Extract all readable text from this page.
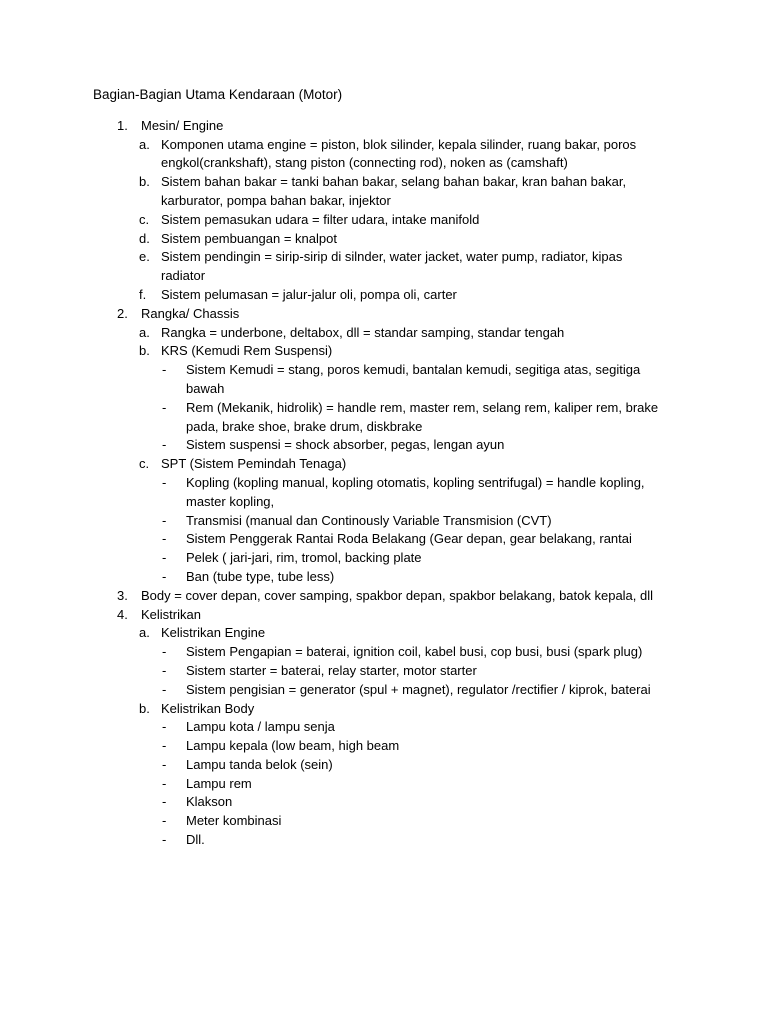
Bagian-Bagian Utama Kendaraan (Motor)
1.	Mesin/ Engine
a. Komponen utama engine = piston, blok silinder, kepala silinder, ruang bakar, poros engkol(crankshaft), stang piston (connecting rod), noken as (camshaft)
b. Sistem bahan bakar = tanki bahan bakar, selang bahan bakar, kran bahan bakar, karburator, pompa bahan bakar, injektor
c. Sistem pemasukan udara = filter udara, intake manifold
d. Sistem pembuangan = knalpot
e. Sistem pendingin = sirip-sirip di silnder, water jacket, water pump, radiator, kipas radiator
f.	Sistem pelumasan = jalur-jalur oli, pompa oli, carter
2.	Rangka/ Chassis
a. Rangka = underbone, deltabox, dll = standar samping, standar tengah
b. KRS (Kemudi Rem Suspensi)
-	Sistem Kemudi = stang, poros kemudi, bantalan kemudi, segitiga atas, segitiga bawah
-	Rem (Mekanik, hidrolik) = handle rem, master rem, selang rem, kaliper rem, brake pada, brake shoe, brake drum, diskbrake
-	Sistem suspensi = shock absorber, pegas, lengan ayun
c. SPT (Sistem Pemindah Tenaga)
-	Kopling (kopling manual, kopling otomatis, kopling sentrifugal) = handle kopling, master kopling,
-	Transmisi (manual dan Continously Variable Transmision (CVT)
-	Sistem Penggerak Rantai Roda Belakang (Gear depan, gear belakang, rantai
-	Pelek ( jari-jari, rim, tromol, backing plate
-	Ban (tube type, tube less)
3.	Body = cover depan, cover samping, spakbor depan, spakbor belakang, batok kepala, dll
4.	Kelistrikan
a. Kelistrikan Engine
-	Sistem Pengapian = baterai, ignition coil, kabel busi, cop busi, busi (spark plug)
-	Sistem starter = baterai, relay starter, motor starter
-	Sistem pengisian = generator (spul + magnet), regulator /rectifier / kiprok, baterai
b. Kelistrikan Body
-	Lampu kota / lampu senja
-	Lampu kepala (low beam, high beam
-	Lampu tanda belok (sein)
-	Lampu rem
-	Klakson
-	Meter kombinasi
-	Dll.
